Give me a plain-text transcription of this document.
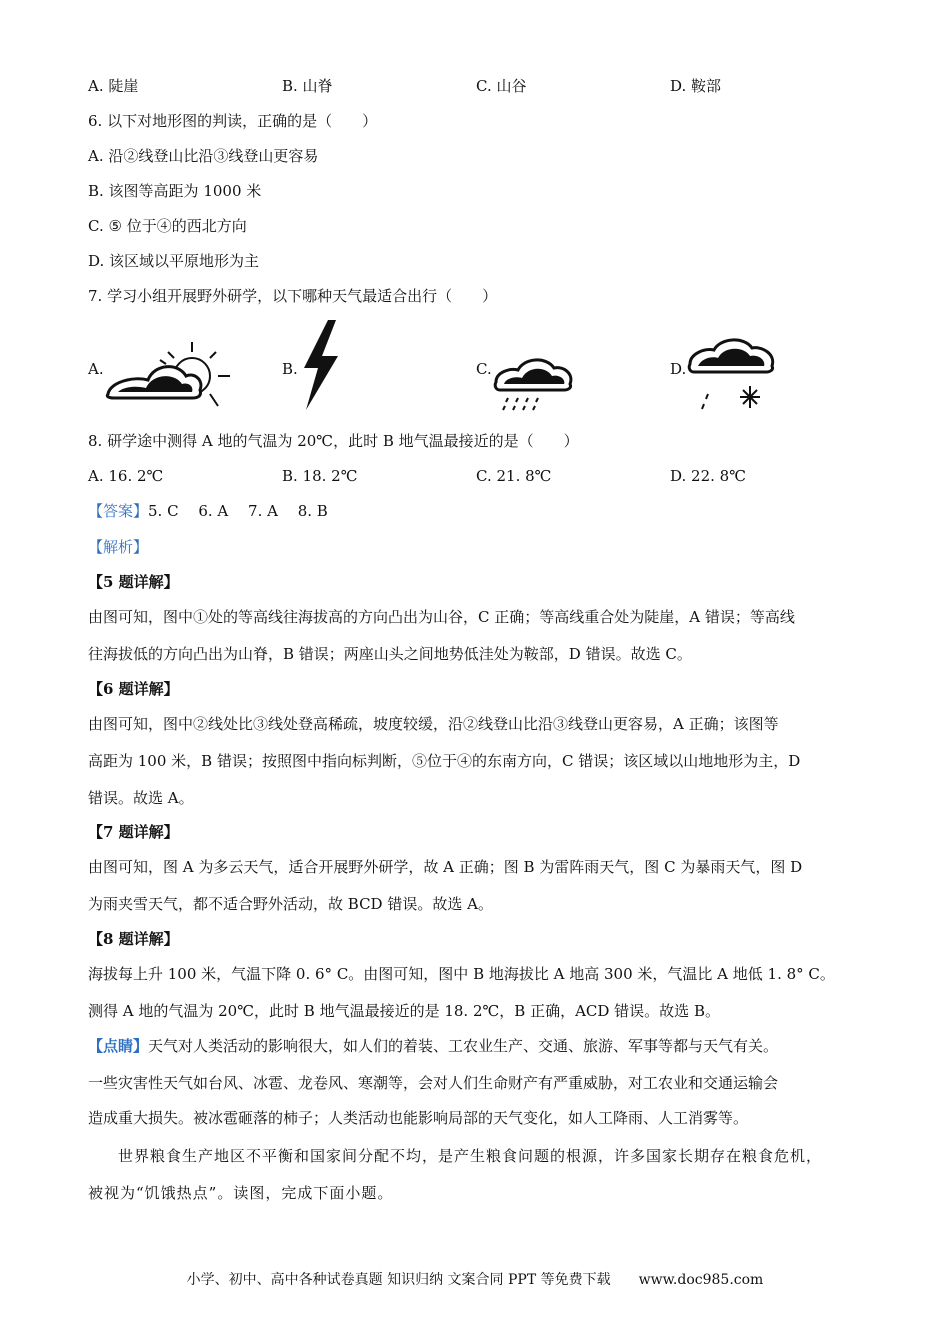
A. 陡崖	B. 山脊	C. 山谷	D. 鞍部
6. 以下对地形图的判读，正确的是（　　）
A. 沿②线登山比沿③线登山更容易
B. 该图等高距为 1000 米
C. ⑤ 位于④的西北方向
D. 该区域以平原地形为主
7. 学习小组开展野外研学，以下哪种天气最适合出行（　　）
A.	B.	C.	D.
8. 研学途中测得 A 地的气温为 20℃，此时 B 地气温最接近的是（　　）
A. 16. 2℃	B. 18. 2℃	C. 21. 8℃	D. 22. 8℃
【答案】5. C　 6. A　 7. A　 8. B
【解析】
【5 题详解】
由图可知，图中①处的等高线往海拔高的方向凸出为山谷，C 正确；等高线重合处为陡崖，A 错误；等高线
往海拔低的方向凸出为山脊，B 错误；两座山头之间地势低洼处为鞍部，D 错误。故选 C。
【6 题详解】
由图可知，图中②线处比③线处登高稀疏，坡度较缓，沿②线登山比沿③线登山更容易，A 正确；该图等
高距为 100 米，B 错误；按照图中指向标判断，⑤位于④的东南方向，C 错误；该区域以山地地形为主，D
错误。故选 A。
【7 题详解】
由图可知，图 A 为多云天气，适合开展野外研学，故 A 正确；图 B 为雷阵雨天气，图 C 为暴雨天气，图 D
为雨夹雪天气，都不适合野外活动，故 BCD 错误。故选 A。
【8 题详解】
海拔每上升 100 米，气温下降 0. 6° C。由图可知，图中 B 地海拔比 A 地高 300 米，气温比 A 地低 1. 8° C。
测得 A 地的气温为 20℃，此时 B 地气温最接近的是 18. 2℃，B 正确，ACD 错误。故选 B。
【点睛】天气对人类活动的影响很大，如人们的着装、工农业生产、交通、旅游、军事等都与天气有关。
一些灾害性天气如台风、冰雹、龙卷风、寒潮等，会对人们生命财产有严重威胁，对工农业和交通运输会
造成重大损失。被冰雹砸落的柿子；人类活动也能影响局部的天气变化，如人工降雨、人工消雾等。
世界粮食生产地区不平衡和国家间分配不均，是产生粮食问题的根源，许多国家长期存在粮食危机，
被视为“饥饿热点”。读图，完成下面小题。
小学、初中、高中各种试卷真题 知识归纳 文案合同 PPT 等免费下载　　www.doc985.com
